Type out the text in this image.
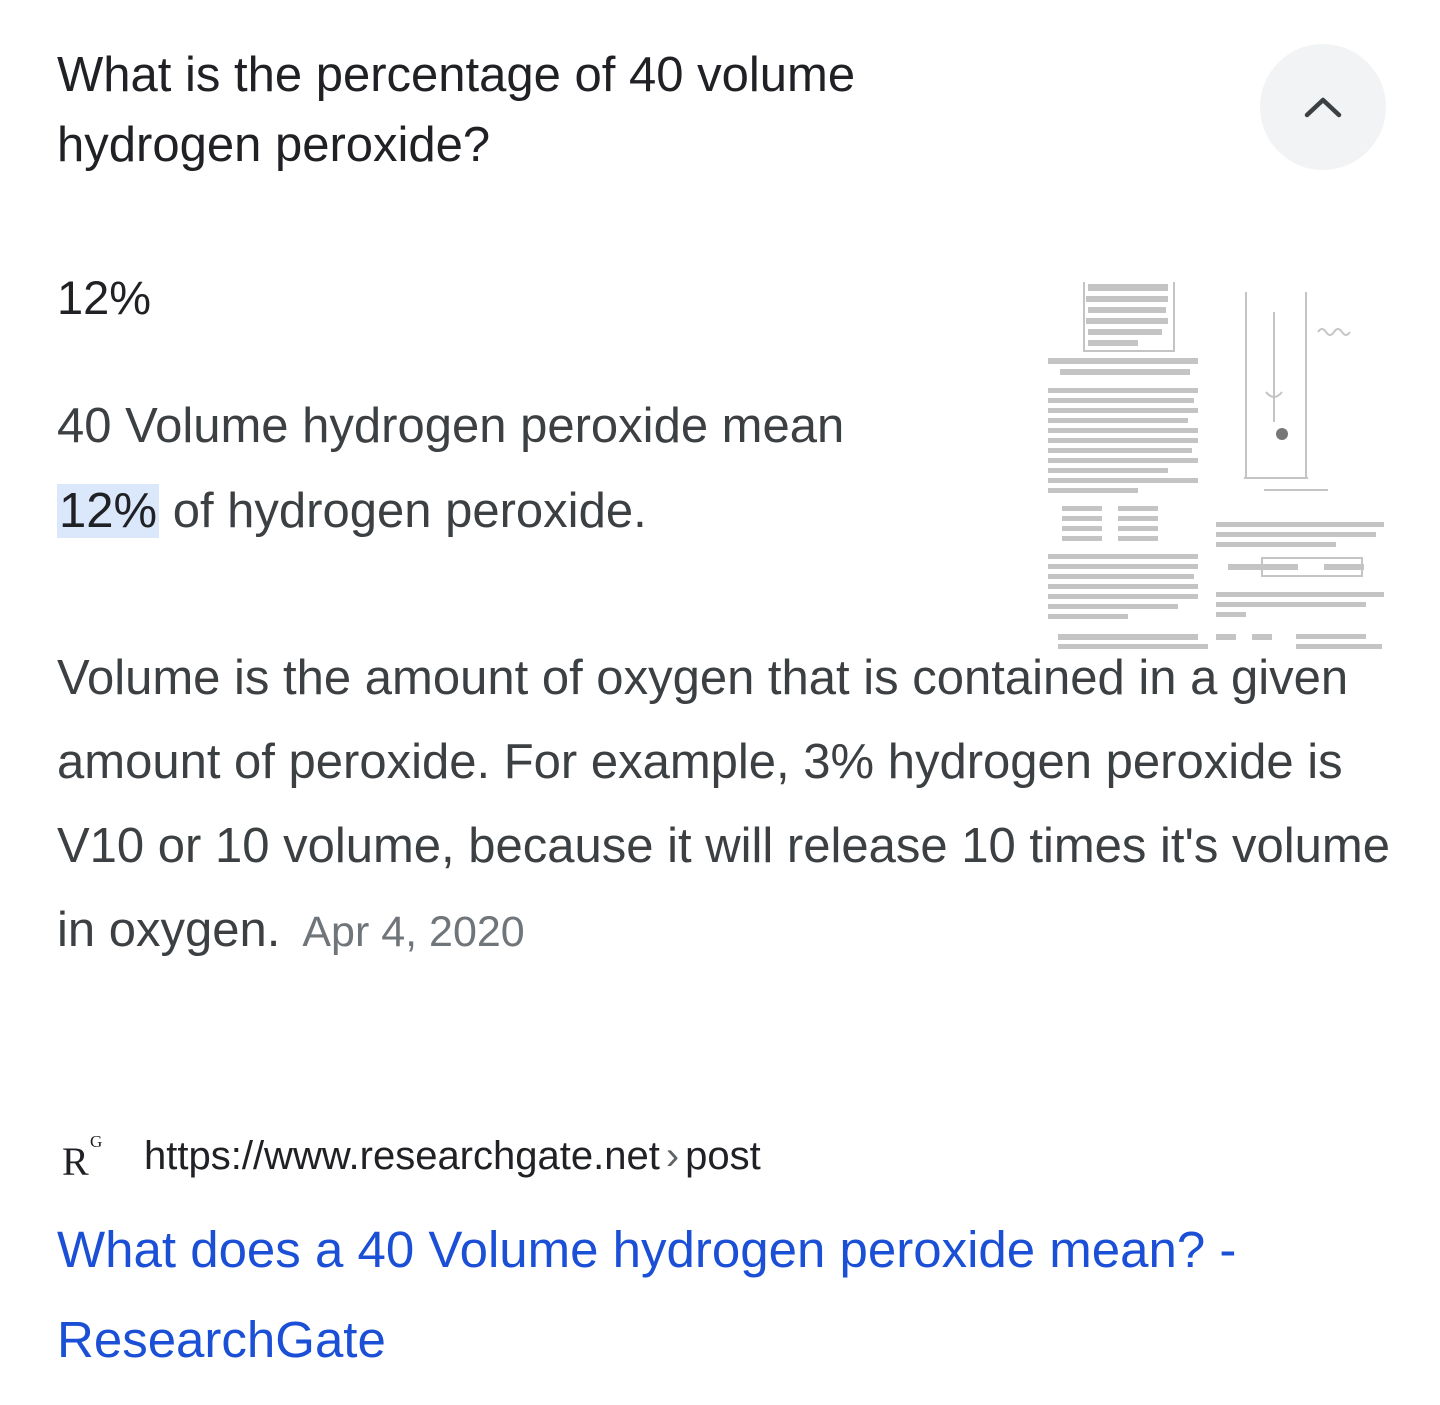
What is the percentage of 40 volume hydrogen peroxide?
12%
40 Volume hydrogen peroxide mean
12% of hydrogen peroxide.
Volume is the amount of oxygen that is contained in a given amount of peroxide. For example, 3% hydrogen peroxide is V10 or 10 volume, because it will release 10 times it's volume in oxygen. Apr 4, 2020
R G https://www.researchgate.net › post
What does a 40 Volume hydrogen peroxide mean? - ResearchGate
